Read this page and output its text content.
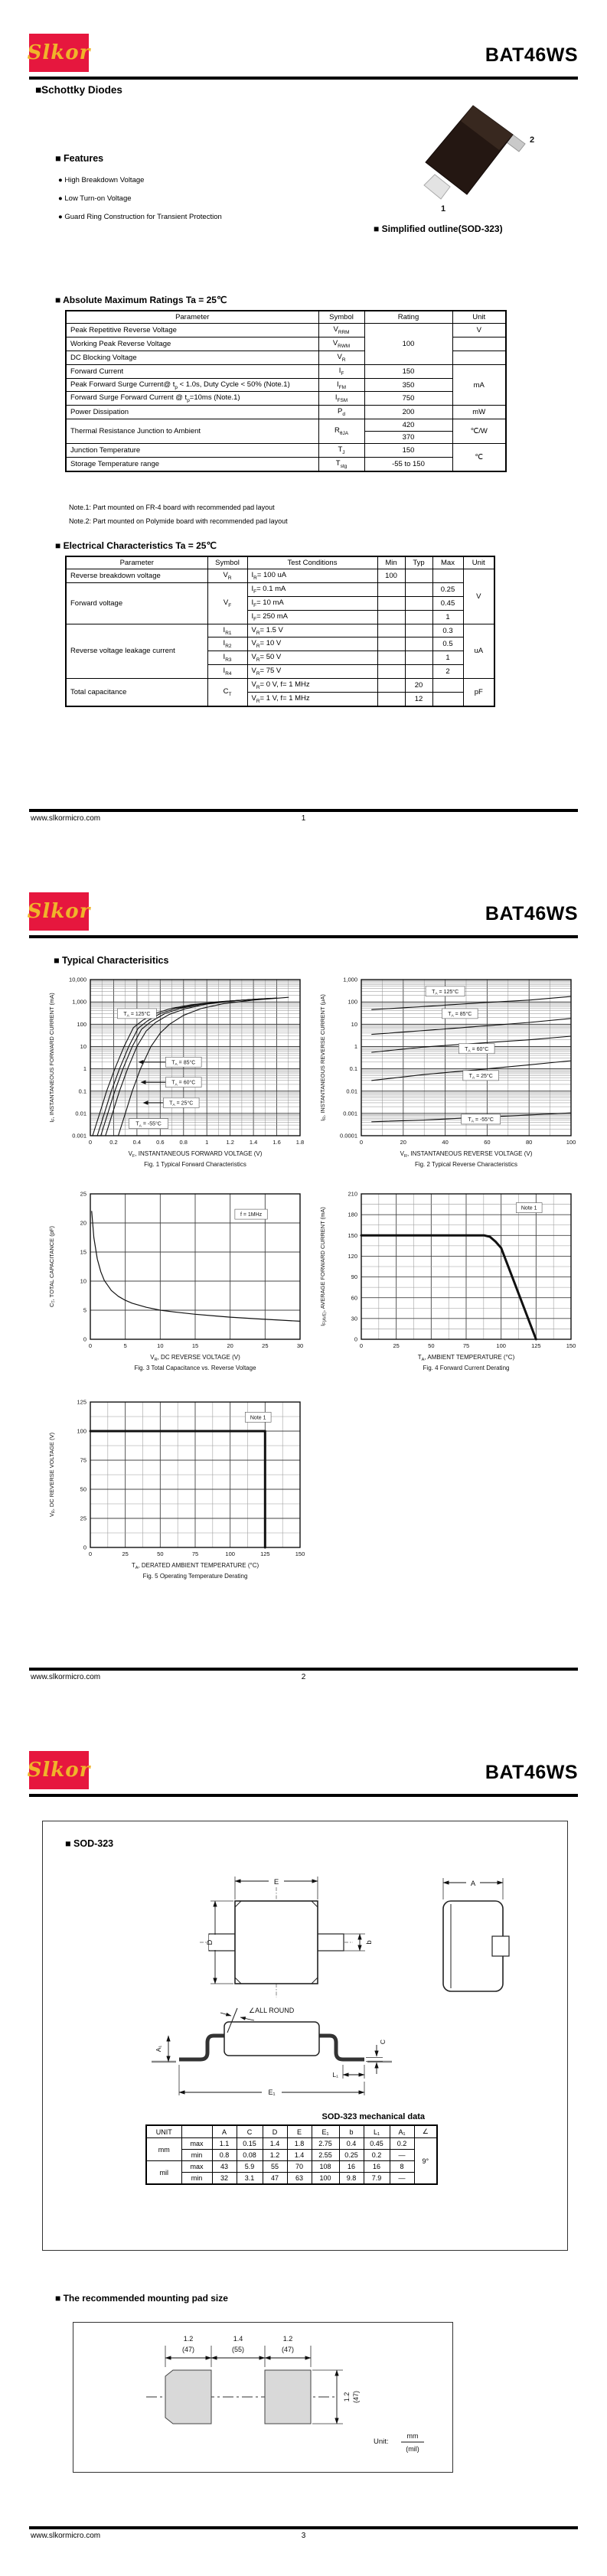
Slkor	BAT46WS
■Schottky Diodes
■ Features
● High Breakdown Voltage
● Low Turn-on Voltage
● Guard Ring Construction for Transient Protection
2
1
■ Simplified outline(SOD-323)
■ Absolute Maximum Ratings Ta = 25℃
Parameter	Symbol	Rating	Unit
Peak Repetitive Reverse Voltage	$V_{RRM}$	100	V
Working Peak Reverse Voltage	$V_{RWM}$	
DC Blocking Voltage	$V_R$	
Forward Current	$I_F$	150	mA
Peak Forward Surge Current@ $t_p < 1.0s$, Duty Cycle < 50% (Note.1)	$I_{FM}$	350	
Forward Surge Forward Current @ $t_p=10ms$ (Note.1)	$I_{FSM}$	750	
Power Dissipation	$P_d$	200	mW
Thermal Resistance Junction to Ambient	$R_{\theta JA}$	420	℃/W
		370	
Junction Temperature	$T_J$	150	℃
Storage Temperature range	$T_{stg}$	-55 to 150	
Note.1: Part mounted on FR-4 board with recommended pad layout
Note.2: Part mounted on Polymide board with recommended pad layout
■ Electrical Characteristics Ta = 25℃
Parameter	Symbol	Test Conditions	Min	Typ	Max	Unit
Reverse breakdown voltage	$V_R$	$I_R= 100$ uA	100			V
Forward voltage	$V_F$	$I_F= 0.1$ mA			0.25	
		$I_F= 10$ mA			0.45	
		$I_F= 250$ mA			1	
Reverse voltage leakage current	$I_{R1}$	$V_R= 1.5$ V			0.3	uA
	$I_{R2}$	$V_R= 10$ V			0.5	
	$I_{R3}$	$V_R= 50$ V			1	
	$I_{R4}$	$V_R= 75$ V			2	
Total capacitance	$C_T$	$V_R= 0$ V, f= 1 MHz		20		pF
		$V_R= 1$ V, f= 1 MHz		12		
www.slkormicro.com	1
Slkor	BAT46WS
■ Typical Characterisitics
0.001
0.01
0.1
1
10
100
1,000
10,000
0	0.2	0.4	0.6	0.8	1	1.2	1.4	1.6	1.8
$T_A = 125^\circ C$
$T_A = 85^\circ C$
$T_A = 60^\circ C$
$T_A = 25^\circ C$
$T_A = -55^\circ C$
$V_F$, INSTANTANEOUS FORWARD VOLTAGE (V)
Fig. 1 Typical Forward Characteristics
$I_F$, INSTANTANEOUS FORWARD CURRENT (mA)
0.0001
0.001
0.01
0.1
1
10
100
1,000
0	20	40	60	80	100
$T_A = 125^\circ C$
$T_A = 85^\circ C$
$T_A = 60^\circ C$
$T_A = 25^\circ C$
$T_A = -55^\circ C$
$V_R$, INSTANTANEOUS REVERSE VOLTAGE (V)
Fig. 2 Typical Reverse Characteristics
$I_R$, INSTANTANEOUS REVERSE CURRENT (μA)
0
5
10
15
20
25
0	5	10	15	20	25	30
f = 1MHz
$V_R$, DC REVERSE VOLTAGE (V)
Fig. 3 Total Capacitance vs. Reverse Voltage
$C_T$, TOTAL CAPACITANCE (pF)
0
30
60
90
120
150
180
210
0	25	50	75	100	125	150
Note 1
$T_A$, AMBIENT TEMPERATURE (°C)
Fig. 4 Forward Current Derating
$I_{F(AVE)}$, AVERAGE FORWARD CURRENT (mA)
0
25
50
75
100
125
0	25	50	75	100	125	150
Note 1
$T_A$, DERATED AMBIENT TEMPERATURE (°C)
Fig. 5 Operating Temperature Derating
$V_R$, DC REVERSE VOLTAGE (V)
www.slkormicro.com	2
Slkor	BAT46WS
■ SOD-323
E
D	b
A
∠ALL ROUND
A₁
C
L₁
E₁
SOD-323 mechanical data
UNIT		A	C	D	E	E₁	b	L₁	A₁	∠
mm	max	1.1	0.15	1.4	1.8	2.75	0.4	0.45	0.2	9°
	min	0.8	0.08	1.2	1.4	2.55	0.25	0.2	—	
mil	max	43	5.9	55	70	108	16	16	8	
	min	32	3.1	47	63	100	9.8	7.9	—	
■ The recommended mounting pad size
1.2
(47)
1.4
(55)
1.2
(47)
1.2 (47)
Unit:
mm
(mil)
www.slkormicro.com	3
